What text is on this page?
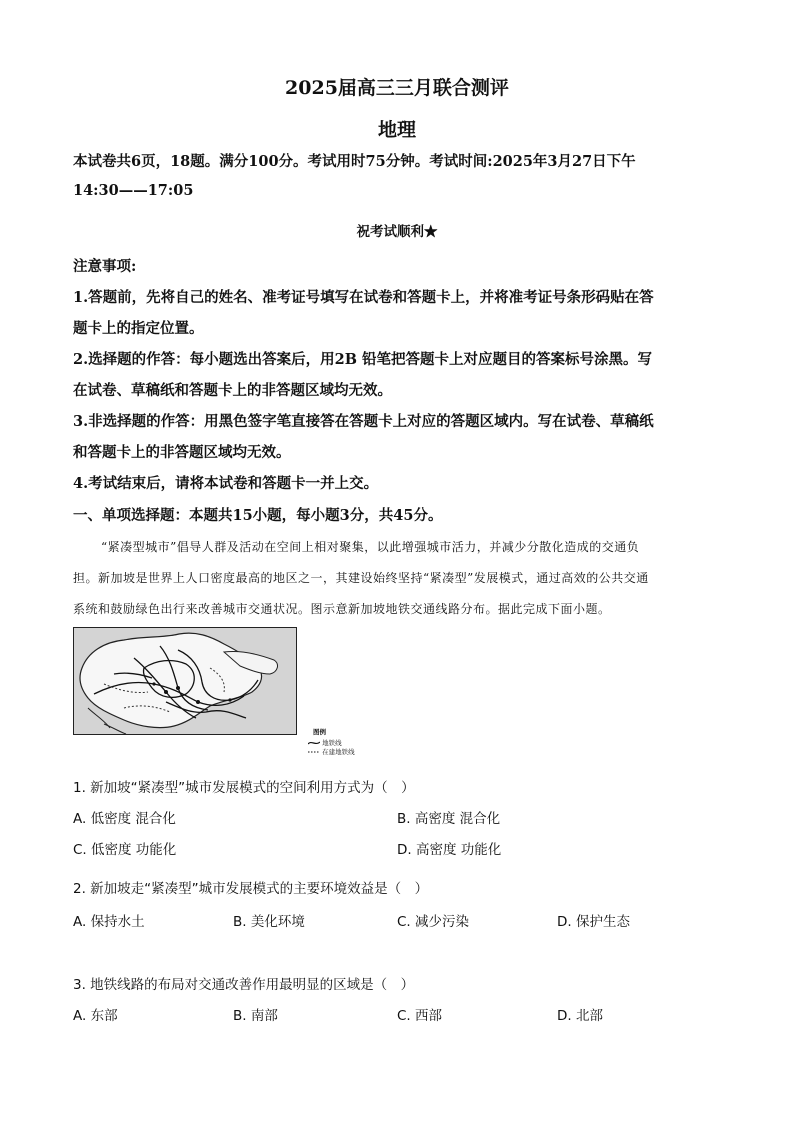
2025届高三三月联合测评
地理
本试卷共6页，18题。满分100分。考试用时75分钟。考试时间:2025年3月27日下午
14:30——17:05
祝考试顺利★
注意事项:
1.答题前，先将自己的姓名、准考证号填写在试卷和答题卡上，并将准考证号条形码贴在答
题卡上的指定位置。
2.选择题的作答：每小题选出答案后，用2B 铅笔把答题卡上对应题目的答案标号涂黑。写
在试卷、草稿纸和答题卡上的非答题区域均无效。
3.非选择题的作答：用黑色签字笔直接答在答题卡上对应的答题区域内。写在试卷、草稿纸
和答题卡上的非答题区域均无效。
4.考试结束后，请将本试卷和答题卡一并上交。
一、单项选择题：本题共15小题，每小题3分，共45分。
“紧凑型城市”倡导人群及活动在空间上相对聚集，以此增强城市活力，并减少分散化造成的交通负
担。新加坡是世界上人口密度最高的地区之一，其建设始终坚持“紧凑型”发展模式，通过高效的公共交通
系统和鼓励绿色出行来改善城市交通状况。图示意新加坡地铁交通线路分布。据此完成下面小题。
图例
地铁线
在建地铁线
1. 新加坡“紧凑型”城市发展模式的空间利用方式为（　）
A. 低密度 混合化	B. 高密度 混合化
C. 低密度 功能化	D. 高密度 功能化
2. 新加坡走“紧凑型”城市发展模式的主要环境效益是（　）
A. 保持水土	B. 美化环境	C. 减少污染	D. 保护生态
3. 地铁线路的布局对交通改善作用最明显的区域是（　）
A. 东部	B. 南部	C. 西部	D. 北部
